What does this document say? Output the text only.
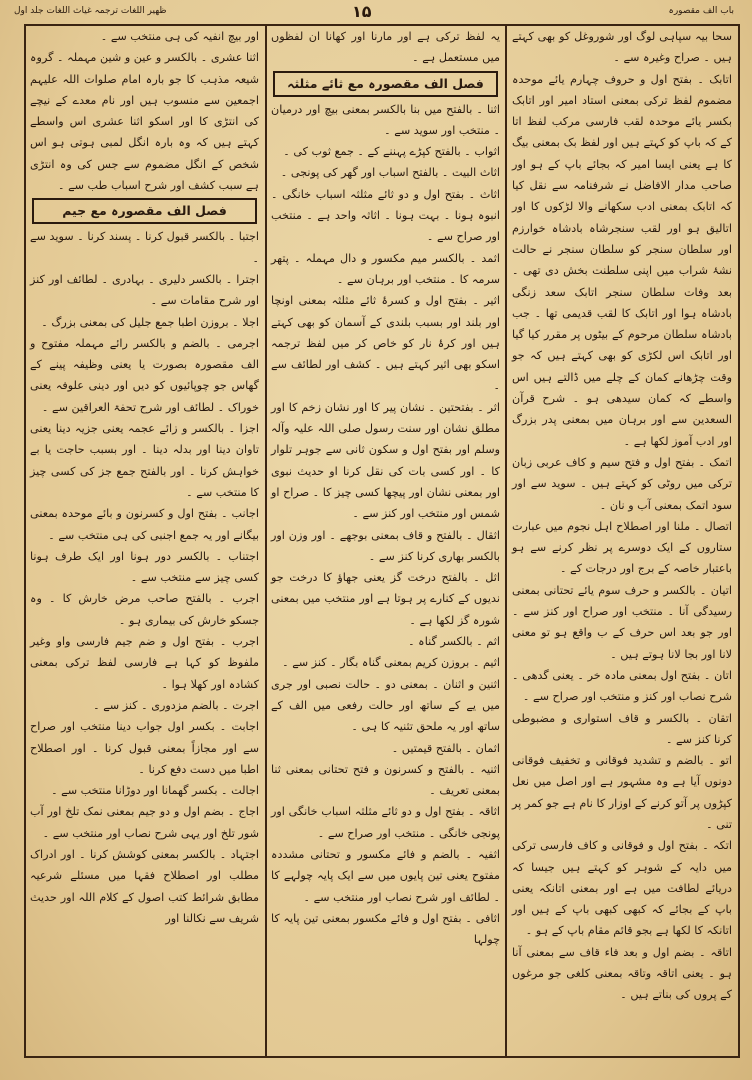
ظهیر اللغات ترجمہ غیاث اللغات جلد اول	۱۵	باب الف مقصورہ

سحا بیہ سپاہی لوگ اور شوروغل کو بھی کہتے ہیں ۔ صراح وغیرہ سے ۔

اتابک ۔ بفتح اول و حروف چہارم یائے موحدہ مضموم لفظ ترکی بمعنی استاد امیر اور اتابک بکسر یائے موحدہ لقب فارسی مرکب لفظ اتا کے کہ باپ کو کہتے ہیں اور لفظ بک بمعنی بیگ کا ہے یعنی ایسا امیر کہ بجائے باپ کے ہو اور صاحب مدار الافاضل نے شرفنامہ سے نقل کیا کہ اتابک بمعنی ادب سکھانے والا لڑکوں کا اور اتالیق ہو اور لقب سنجرشاہ بادشاہ خوارزم اور سلطان سنجر کو سلطان سنجر نے حالت نشۂ شراب میں اپنی سلطنت بخش دی تھی ۔ بعد وفات سلطان سنجر اتابک سعد زنگی بادشاہ ہوا اور اتابک کا لقب قدیمی تھا ۔ جب بادشاہ سلطان مرحوم کے بیٹوں پر مقرر کیا گیا اور اتابک اس لکڑی کو بھی کہتے ہیں کہ جو وقت چڑھانے کمان کے چلے میں ڈالتے ہیں اس واسطے کہ کمان سیدھی ہو ۔ شرح قرآن السعدین سے اور برہان میں بمعنی پدر بزرگ اور ادب آموز لکھا ہے ۔

اتمک ۔ بفتح اول و فتح سیم و کاف عربی زبان ترکی میں روٹی کو کہتے ہیں ۔ سوید سے اور سود اتمک بمعنی آب و نان ۔

اتصال ۔ ملنا اور اصطلاح اہل نجوم میں عبارت ستاروں کے ایک دوسرے پر نظر کرنے سے ہو باعتبار خاصہ کے برج اور درجات کے ۔

اتیان ۔ بالکسر و حرف سوم یائے تحتانی بمعنی رسیدگی آنا ۔ منتخب اور صراح اور کنز سے ۔ اور جو بعد اس حرف کے ب واقع ہو تو معنی لانا اور بجا لانا ہوتے ہیں ۔

اتان ۔ بفتح اول بمعنی مادہ خر ۔ یعنی گدھی ۔ شرح نصاب اور کنز و منتخب اور صراح سے ۔

اتقان ۔ بالکسر و قاف استواری و مضبوطی کرنا کنز سے ۔

اتو ۔ بالضم و تشدید فوقانی و تخفیف فوقانی دونوں آیا ہے وہ مشہور ہے اور اصل میں نعل کپڑوں پر آتو کرنے کے اوزار کا نام ہے جو کمر پر تنی ۔

اتکہ ۔ بفتح اول و فوقانی و کاف فارسی ترکی میں دایہ کے شوہر کو کہتے ہیں جیسا کہ دریائے لطافت میں ہے اور بمعنی اتانکہ یعنی باپ کے بجائے کہ کبھی کبھی باپ کے ہیں اور اتانکہ کا لکھا ہے بجو قائم مقام باپ کے ہو ۔

اتاقہ ۔ بضم اول و بعد فاء قاف سے بمعنی آنا ہو ۔ یعنی اتاقہ وتاقہ بمعنی کلغی جو مرغوں کے پروں کی بناتے ہیں ۔

یہ لفظ ترکی ہے اور مارنا اور کھانا ان لفظوں میں مستعمل ہے ۔

فصل الف مقصورہ مع ثائے مثلثہ

اثنا ۔ بالفتح میں بنا بالکسر بمعنی بیچ اور درمیان ۔ منتخب اور سوید سے ۔

اثواب ۔ بالفتح کپڑے پہننے کے ۔ جمع ثوب کی ۔

اثاث البیت ۔ بالفتح اسباب اور گھر کی پونجی ۔

اثاث ۔ بفتح اول و دو ثائے مثلثہ اسباب خانگی ۔ انبوہ ہونا ۔ بہت ہونا ۔ اثاثہ واحد ہے ۔ منتخب اور صراح سے ۔

اثمد ۔ بالکسر میم مکسور و دال مہملہ ۔ پتھر سرمہ کا ۔ منتخب اور برہان سے ۔

اثیر ۔ بفتح اول و کسرۂ ثائے مثلثہ بمعنی اونچا اور بلند اور بسبب بلندی کے آسمان کو بھی کہتے ہیں اور کرۂ نار کو خاص کر میں لفظ ترجمہ اسکو بھی اثیر کہتے ہیں ۔ کشف اور لطائف سے ۔

اثر ۔ بفتحتین ۔ نشان پیر کا اور نشان زخم کا اور مطلق نشان اور سنت رسول صلی اللہ علیہ وآلہ وسلم اور بفتح اول و سکون ثانی سے جوہر تلوار کا ۔ اور کسی بات کی نقل کرنا او حدیث نبوی اور بمعنی نشان اور پیچھا کسی چیز کا ۔ صراح او شمس اور منتخب اور کنز سے ۔

اثقال ۔ بالفتح و قاف بمعنی بوجھے ۔ اور وزن اور بالکسر بھاری کرنا کنز سے ۔

اثل ۔ بالفتح درخت گز یعنی جھاؤ کا درخت جو ندیوں کے کنارے پر ہوتا ہے اور منتخب میں بمعنی شورہ گز لکھا ہے ۔

اثم ۔ بالکسر گناہ ۔

اثیم ۔ بروزن کریم بمعنی گناہ بگار ۔ کنز سے ۔

اثنین و اثنان ۔ بمعنی دو ۔ حالت نصبی اور جری میں یے کے ساتھ اور حالت رفعی میں الف کے ساتھ اور یہ ملحق تثنیہ کا ہی ۔

اثمان ۔ بالفتح قیمتیں ۔

اثنیہ ۔ بالفتح و کسرنون و فتح تحتانی بمعنی ثنا بمعنی تعریف ۔

اثاقہ ۔ بفتح اول و دو ثائے مثلثہ اسباب خانگی اور پونجی خانگی ۔ منتخب اور صراح سے ۔

اثفیہ ۔ بالضم و فائے مکسور و تحتانی مشددہ مفتوح یعنی تین پایوں میں سے ایک پایہ چولہے کا ۔ لطائف اور شرح نصاب اور منتخب سے ۔

اثافی ۔ بفتح اول و فائے مکسور بمعنی تین پایہ کا چولہا

اور بیچ انفیہ کی ہی منتخب سے ۔

اثنا عشری ۔ بالکسر و عین و شین مہملہ ۔ گروہ شیعہ مذہب کا جو بارہ امام صلوات اللہ علیہم اجمعین سے منسوب ہیں اور نام معدے کے نیچے کی انتڑی کا اور اسکو اثنا عشری اس واسطے کہتے ہیں کہ وہ بارہ انگل لمبی ہوتی ہو اس شخص کے انگل مضموم سے جس کی وہ انتڑی ہے سبب کشف اور شرح اسباب طب سے ۔

فصل الف مقصورہ مع جیم

اجتبا ۔ بالکسر قبول کرنا ۔ پسند کرنا ۔ سوید سے ۔

اجترا ۔ بالکسر دلیری ۔ بہادری ۔ لطائف اور کنز اور شرح مقامات سے ۔

اجلا ۔ بروزن اطبا جمع جلیل کی بمعنی بزرگ ۔

اجرمی ۔ بالضم و بالکسر رائے مہملہ مفتوح و الف مقصورہ بصورت یا یعنی وظیفہ پینے کے گھاس جو چوپائیوں کو دیں اور دینی علوفہ یعنی خوراک ۔ لطائف اور شرح تحفۃ العراقین سے ۔

اجزا ۔ بالکسر و زائے عجمہ یعنی جزیہ دینا یعنی تاوان دینا اور بدلہ دینا ۔ اور بسبب حاجت یا بے خواہش کرنا ۔ اور بالفتح جمع جز کی کسی چیز کا منتخب سے ۔

اجانب ۔ بفتح اول و کسرنون و بائے موحدہ بمعنی بیگانے اور یہ جمع اجنبی کی ہی منتخب سے ۔

اجتناب ۔ بالکسر دور ہونا اور ایک طرف ہونا کسی چیز سے منتخب سے ۔

اجرب ۔ بالفتح صاحب مرض خارش کا ۔ وہ جسکو خارش کی بیماری ہو ۔

اجرب ۔ بفتح اول و ضم جیم فارسی واو وغیر ملفوظ کو کہا ہے فارسی لفظ ترکی بمعنی کشادہ اور کھلا ہوا ۔

اجرت ۔ بالضم مزدوری ۔ کنز سے ۔

اجابت ۔ بکسر اول جواب دینا منتخب اور صراح سے اور مجازاً بمعنی قبول کرنا ۔ اور اصطلاح اطبا میں دست دفع کرنا ۔

اجالت ۔ بکسر گھمانا اور دوڑانا منتخب سے ۔

اجاج ۔ بضم اول و دو جیم بمعنی نمک تلخ اور آب شور تلخ اور یہی شرح نصاب اور منتخب سے ۔

اجتہاد ۔ بالکسر بمعنی کوشش کرنا ۔ اور ادراک مطلب اور اصطلاح فقہا میں مسئلے شرعیہ مطابق شرائط کتب اصول کے کلام اللہ اور حدیث شریف سے نکالنا اور
